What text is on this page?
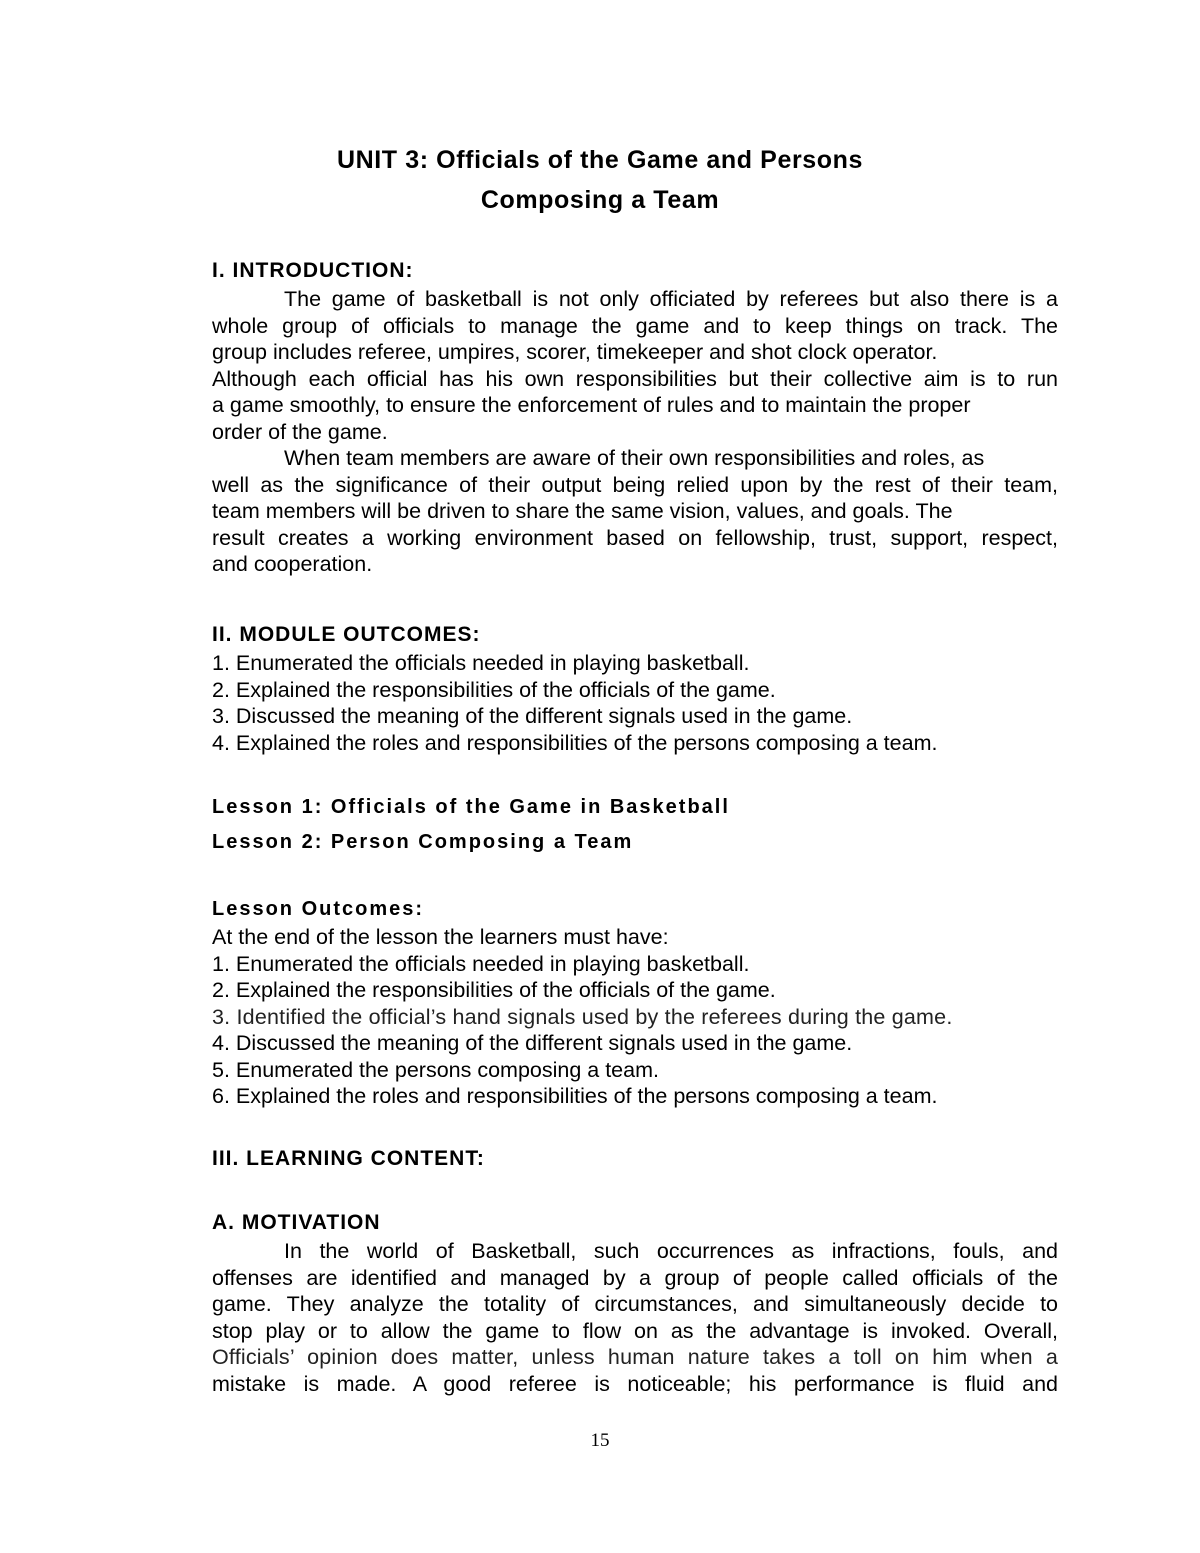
UNIT 3: Officials of the Game and Persons
Composing a Team
I. INTRODUCTION:
The game of basketball is not only officiated by referees but also there is a
whole group of officials to manage the game and to keep things on track. The
group includes referee, umpires, scorer, timekeeper and shot clock operator.
Although each official has his own responsibilities but their collective aim is to run
a game smoothly, to ensure the enforcement of rules and to maintain the proper
order of the game.
When team members are aware of their own responsibilities and roles, as
well as the significance of their output being relied upon by the rest of their team,
team members will be driven to share the same vision, values, and goals. The
result creates a working environment based on fellowship, trust, support, respect,
and cooperation.
II. MODULE OUTCOMES:
1. Enumerated the officials needed in playing basketball.
2. Explained the responsibilities of the officials of the game.
3. Discussed the meaning of the different signals used in the game.
4. Explained the roles and responsibilities of the persons composing a team.
Lesson 1: Officials of the Game in Basketball
Lesson 2: Person Composing a Team
Lesson Outcomes:
At the end of the lesson the learners must have:
1. Enumerated the officials needed in playing basketball.
2. Explained the responsibilities of the officials of the game.
3. Identified the official’s hand signals used by the referees during the game.
4. Discussed the meaning of the different signals used in the game.
5. Enumerated the persons composing a team.
6. Explained the roles and responsibilities of the persons composing a team.
III. LEARNING CONTENT:
A. MOTIVATION
In the world of Basketball, such occurrences as infractions, fouls, and
offenses are identified and managed by a group of people called officials of the
game. They analyze the totality of circumstances, and simultaneously decide to
stop play or to allow the game to flow on as the advantage is invoked. Overall,
Officials’ opinion does matter, unless human nature takes a toll on him when a
mistake is made. A good referee is noticeable; his performance is fluid and
15
